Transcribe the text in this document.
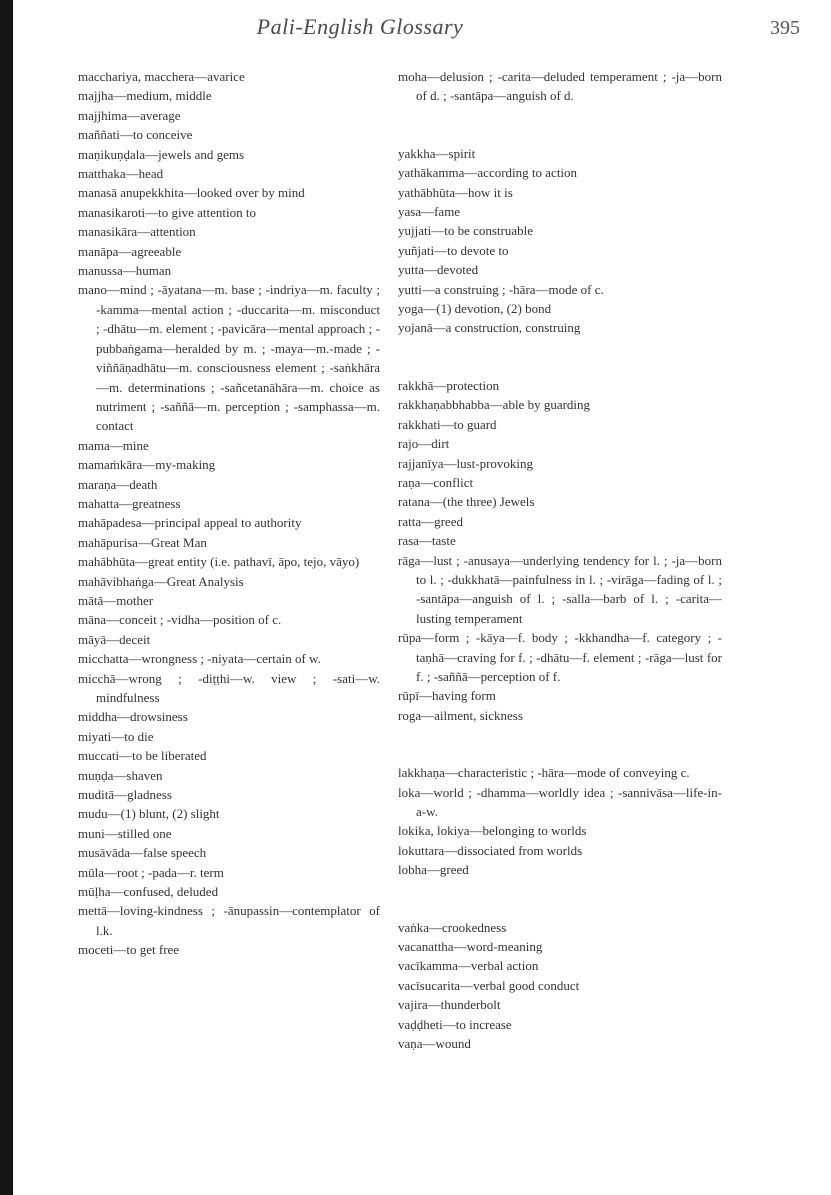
Pali-English Glossary	395

macchariya, macchera—avarice

majjha—medium, middle

majjhima—average

maññati—to conceive

maṇikuṇḍala—jewels and gems

matthaka—head

manasā anupekkhita—looked over by mind

manasikaroti—to give attention to

manasikāra—attention

manāpa—agreeable

manussa—human

mano—mind ; -āyatana—m. base ; -indriya—m. faculty ; -kamma—mental action ; -duccarita—m. misconduct ; -dhātu—m. element ; -pavicāra—mental approach ; -pubbaṅgama—heralded by m. ; -maya—m.-made ; -viññāṇadhātu—m. consciousness element ; -saṅkhāra—m. determinations ; -sañcetanāhāra—m. choice as nutriment ; -saññā—m. perception ; -samphassa—m. contact

mama—mine

mamaṁkāra—my-making

maraṇa—death

mahatta—greatness

mahāpadesa—principal appeal to authority

mahāpurisa—Great Man

mahābhūta—great entity (i.e. pathavī, āpo, tejo, vāyo)

mahāvibhaṅga—Great Analysis

mātā—mother

māna—conceit ; -vidha—position of c.

māyā—deceit

micchatta—wrongness ; -niyata—certain of w.

micchā—wrong ; -diṭṭhi—w. view ; -sati—w. mindfulness

middha—drowsiness

miyati—to die

muccati—to be liberated

muṇḍa—shaven

muditā—gladness

mudu—(1) blunt, (2) slight

muni—stilled one

musāvāda—false speech

mūla—root ; -pada—r. term

mūḷha—confused, deluded

mettā—loving-kindness ; -ānupassin—contemplator of l.k.

moceti—to get free

moha—delusion ; -carita—deluded temperament ; -ja—born of d. ; -santāpa—anguish of d.

yakkha—spirit

yathākamma—according to action

yathābhūta—how it is

yasa—fame

yujjati—to be construable

yuñjati—to devote to

yutta—devoted

yutti—a construing ; -hāra—mode of c.

yoga—(1) devotion, (2) bond

yojanā—a construction, construing

rakkhā—protection

rakkhaṇabbhabba—able by guarding

rakkhati—to guard

rajo—dirt

rajjanīya—lust-provoking

raṇa—conflict

ratana—(the three) Jewels

ratta—greed

rasa—taste

rāga—lust ; -anusaya—underlying tendency for l. ; -ja—born to l. ; -dukkhatā—painfulness in l. ; -virāga—fading of l. ; -santāpa—anguish of l. ; -salla—barb of l. ; -carita—lusting temperament

rūpa—form ; -kāya—f. body ; -kkhandha—f. category ; -taṇhā—craving for f. ; -dhātu—f. element ; -rāga—lust for f. ; -saññā—perception of f.

rūpī—having form

roga—ailment, sickness

lakkhaṇa—characteristic ; -hāra—mode of conveying c.

loka—world ; -dhamma—worldly idea ; -sannivāsa—life-in-a-w.

lokika, lokiya—belonging to worlds

lokuttara—dissociated from worlds

lobha—greed

vaṅka—crookedness

vacanattha—word-meaning

vacīkamma—verbal action

vacīsucarita—verbal good conduct

vajira—thunderbolt

vaḍḍheti—to increase

vaṇa—wound
